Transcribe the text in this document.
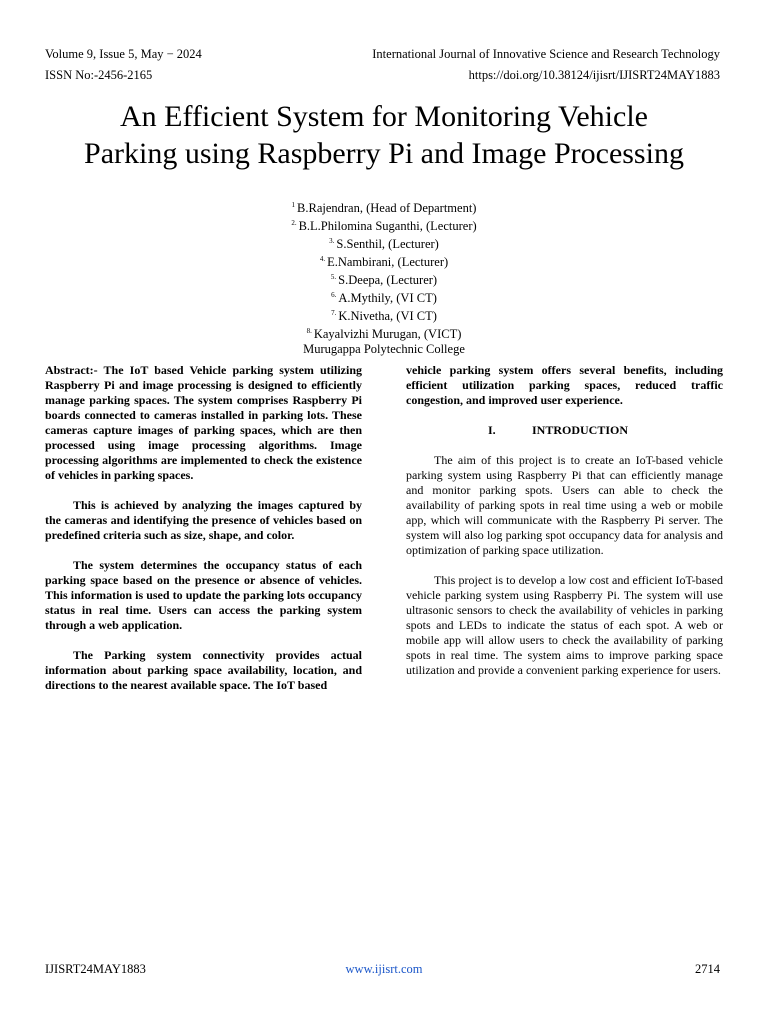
Volume 9, Issue 5, May − 2024
ISSN No:-2456-2165
International Journal of Innovative Science and Research Technology
https://doi.org/10.38124/ijisrt/IJISRT24MAY1883
An Efficient System for Monitoring Vehicle
Parking using Raspberry Pi and Image Processing
$^1$ B.Rajendran, (Head of Department)
$^{2.}$ B.L.Philomina Suganthi, (Lecturer)
$^{3.}$ S.Senthil, (Lecturer)
$^{4.}$ E.Nambirani, (Lecturer)
$^{5.}$ S.Deepa, (Lecturer)
$^{6.}$ A.Mythily, (VI CT)
$^{7.}$ K.Nivetha, (VI CT)
$^{8.}$ Kayalvizhi Murugan, (VICT)
Murugappa Polytechnic College

Abstract:- The IoT based Vehicle parking system utilizing Raspberry Pi and image processing is designed to efficiently manage parking spaces. The system comprises Raspberry Pi boards connected to cameras installed in parking lots. These cameras capture images of parking spaces, which are then processed using image processing algorithms. Image processing algorithms are implemented to check the existence of vehicles in parking spaces.

This is achieved by analyzing the images captured by the cameras and identifying the presence of vehicles based on predefined criteria such as size, shape, and color.

The system determines the occupancy status of each parking space based on the presence or absence of vehicles. This information is used to update the parking lots occupancy status in real time. Users can access the parking system through a web application.

The Parking system connectivity provides actual information about parking space availability, location, and directions to the nearest available space. The IoT based

vehicle parking system offers several benefits, including efficient utilization parking spaces, reduced traffic congestion, and improved user experience.

I.	INTRODUCTION

The aim of this project is to create an IoT-based vehicle parking system using Raspberry Pi that can efficiently manage and monitor parking spots. Users can able to check the availability of parking spots in real time using a web or mobile app, which will communicate with the Raspberry Pi server. The system will also log parking spot occupancy data for analysis and optimization of parking space utilization.

This project is to develop a low cost and efficient IoT-based vehicle parking system using Raspberry Pi. The system will use ultrasonic sensors to check the availability of vehicles in parking spots and LEDs to indicate the status of each spot. A web or mobile app will allow users to check the availability of parking spots in real time. The system aims to improve parking space utilization and provide a convenient parking experience for users.

IJISRT24MAY1883	www.ijisrt.com	2714
